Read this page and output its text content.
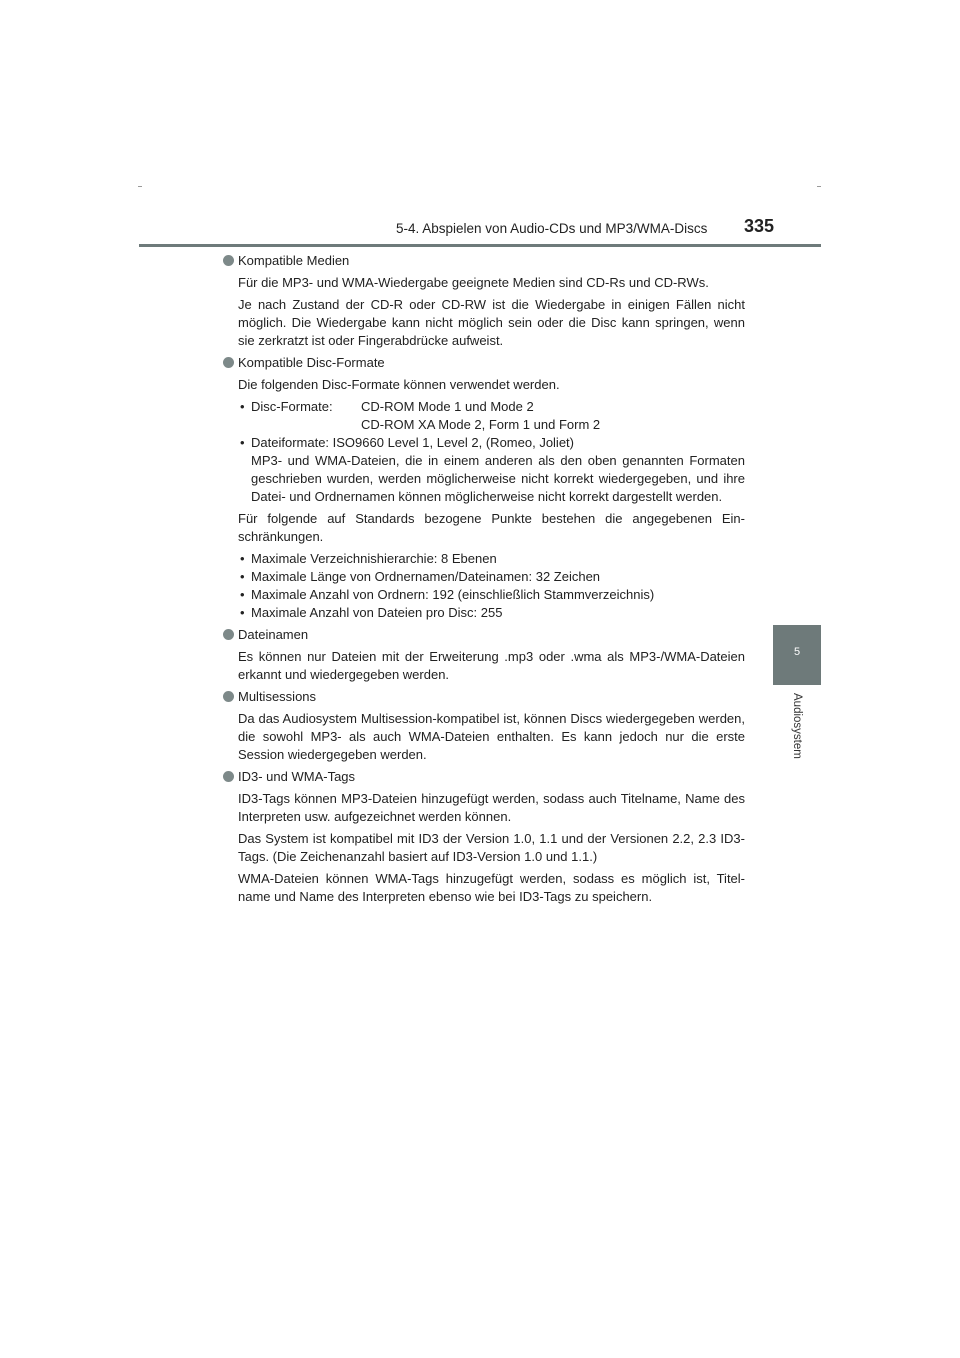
5-4. Abspielen von Audio-CDs und MP3/WMA-Discs 335
5
Audiosystem
Kompatible Medien
Für die MP3- und WMA-Wiedergabe geeignete Medien sind CD-Rs und CD-RWs.
Je nach Zustand der CD-R oder CD-RW ist die Wiedergabe in einigen Fällen nicht möglich. Die Wiedergabe kann nicht möglich sein oder die Disc kann springen, wenn sie zerkratzt ist oder Fingerabdrücke aufweist.
Kompatible Disc-Formate
Die folgenden Disc-Formate können verwendet werden.
• Disc-Formate:	CD-ROM Mode 1 und Mode 2
CD-ROM XA Mode 2, Form 1 und Form 2
• Dateiformate: ISO9660 Level 1, Level 2, (Romeo, Joliet)
MP3- und WMA-Dateien, die in einem anderen als den oben genannten Formaten geschrieben wurden, werden möglicherweise nicht korrekt wiedergegeben, und ihre Datei- und Ordnernamen können möglicherweise nicht korrekt dargestellt werden.
Für folgende auf Standards bezogene Punkte bestehen die angegebenen Ein-schränkungen.
• Maximale Verzeichnishierarchie: 8 Ebenen
• Maximale Länge von Ordnernamen/Dateinamen: 32 Zeichen
• Maximale Anzahl von Ordnern: 192 (einschließlich Stammverzeichnis)
• Maximale Anzahl von Dateien pro Disc: 255
Dateinamen
Es können nur Dateien mit der Erweiterung .mp3 oder .wma als MP3-/WMA-Dateien erkannt und wiedergegeben werden.
Multisessions
Da das Audiosystem Multisession-kompatibel ist, können Discs wiedergegeben werden, die sowohl MP3- als auch WMA-Dateien enthalten. Es kann jedoch nur die erste Session wiedergegeben werden.
ID3- und WMA-Tags
ID3-Tags können MP3-Dateien hinzugefügt werden, sodass auch Titelname, Name des Interpreten usw. aufgezeichnet werden können.
Das System ist kompatibel mit ID3 der Version 1.0, 1.1 und der Versionen 2.2, 2.3 ID3-Tags. (Die Zeichenanzahl basiert auf ID3-Version 1.0 und 1.1.)
WMA-Dateien können WMA-Tags hinzugefügt werden, sodass es möglich ist, Titel-name und Name des Interpreten ebenso wie bei ID3-Tags zu speichern.
